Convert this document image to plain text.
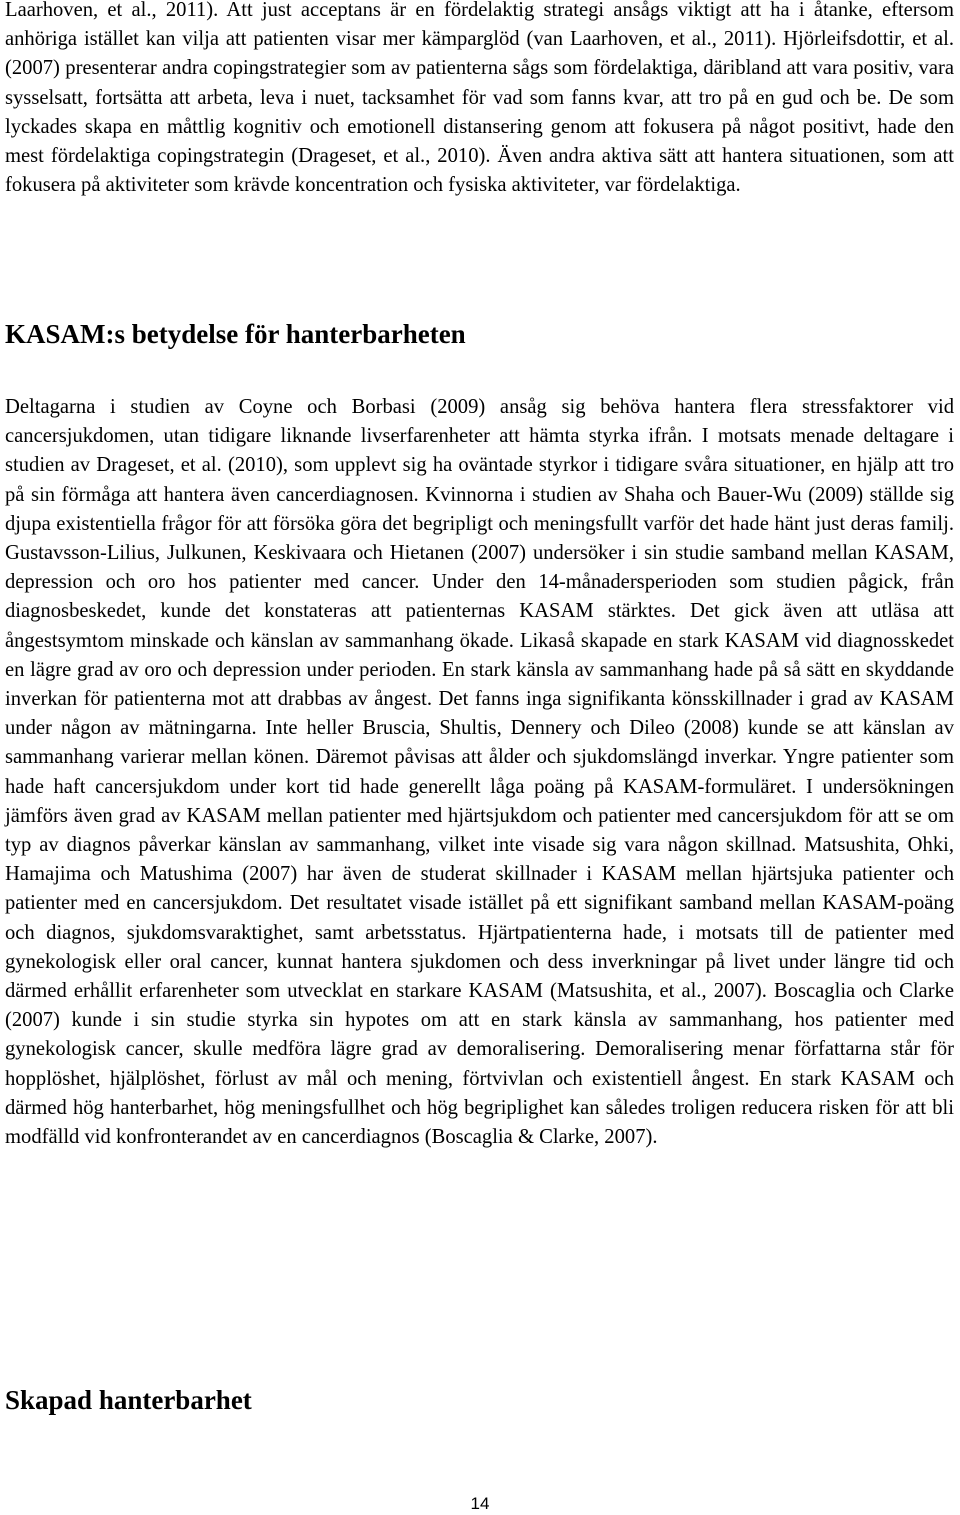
Laarhoven, et al., 2011). Att just acceptans är en fördelaktig strategi ansågs viktigt att ha i åtanke, eftersom anhöriga istället kan vilja att patienten visar mer kämparglöd (van Laarhoven, et al., 2011). Hjörleifsdottir, et al. (2007) presenterar andra copingstrategier som av patienterna sågs som fördelaktiga, däribland att vara positiv, vara sysselsatt, fortsätta att arbeta, leva i nuet, tacksamhet för vad som fanns kvar, att tro på en gud och be. De som lyckades skapa en måttlig kognitiv och emotionell distansering genom att fokusera på något positivt, hade den mest fördelaktiga copingstrategin (Drageset, et al., 2010). Även andra aktiva sätt att hantera situationen, som att fokusera på aktiviteter som krävde koncentration och fysiska aktiviteter, var fördelaktiga.

KASAM:s betydelse för hanterbarheten

Deltagarna i studien av Coyne och Borbasi (2009) ansåg sig behöva hantera flera stressfaktorer vid cancersjukdomen, utan tidigare liknande livserfarenheter att hämta styrka ifrån. I motsats menade deltagare i studien av Drageset, et al. (2010), som upplevt sig ha oväntade styrkor i tidigare svåra situationer, en hjälp att tro på sin förmåga att hantera även cancerdiagnosen. Kvinnorna i studien av Shaha och Bauer-Wu (2009) ställde sig djupa existentiella frågor för att försöka göra det begripligt och meningsfullt varför det hade hänt just deras familj. Gustavsson-Lilius, Julkunen, Keskivaara och Hietanen (2007) undersöker i sin studie samband mellan KASAM, depression och oro hos patienter med cancer. Under den 14-månadersperioden som studien pågick, från diagnosbeskedet, kunde det konstateras att patienternas KASAM stärktes. Det gick även att utläsa att ångestsymtom minskade och känslan av sammanhang ökade. Likaså skapade en stark KASAM vid diagnosskedet en lägre grad av oro och depression under perioden. En stark känsla av sammanhang hade på så sätt en skyddande inverkan för patienterna mot att drabbas av ångest. Det fanns inga signifikanta könsskillnader i grad av KASAM under någon av mätningarna. Inte heller Bruscia, Shultis, Dennery och Dileo (2008) kunde se att känslan av sammanhang varierar mellan könen. Däremot påvisas att ålder och sjukdomslängd inverkar. Yngre patienter som hade haft cancersjukdom under kort tid hade generellt låga poäng på KASAM-formuläret. I undersökningen jämförs även grad av KASAM mellan patienter med hjärtsjukdom och patienter med cancersjukdom för att se om typ av diagnos påverkar känslan av sammanhang, vilket inte visade sig vara någon skillnad. Matsushita, Ohki, Hamajima och Matushima (2007) har även de studerat skillnader i KASAM mellan hjärtsjuka patienter och patienter med en cancersjukdom. Det resultatet visade istället på ett signifikant samband mellan KASAM-poäng och diagnos, sjukdomsvaraktighet, samt arbetsstatus. Hjärtpatienterna hade, i motsats till de patienter med gynekologisk eller oral cancer, kunnat hantera sjukdomen och dess inverkningar på livet under längre tid och därmed erhållit erfarenheter som utvecklat en starkare KASAM (Matsushita, et al., 2007). Boscaglia och Clarke (2007) kunde i sin studie styrka sin hypotes om att en stark känsla av sammanhang, hos patienter med gynekologisk cancer, skulle medföra lägre grad av demoralisering. Demoralisering menar författarna står för hopplöshet, hjälplöshet, förlust av mål och mening, förtvivlan och existentiell ångest. En stark KASAM och därmed hög hanterbarhet, hög meningsfullhet och hög begriplighet kan således troligen reducera risken för att bli modfälld vid konfronterandet av en cancerdiagnos (Boscaglia & Clarke, 2007).

Skapad hanterbarhet
14
